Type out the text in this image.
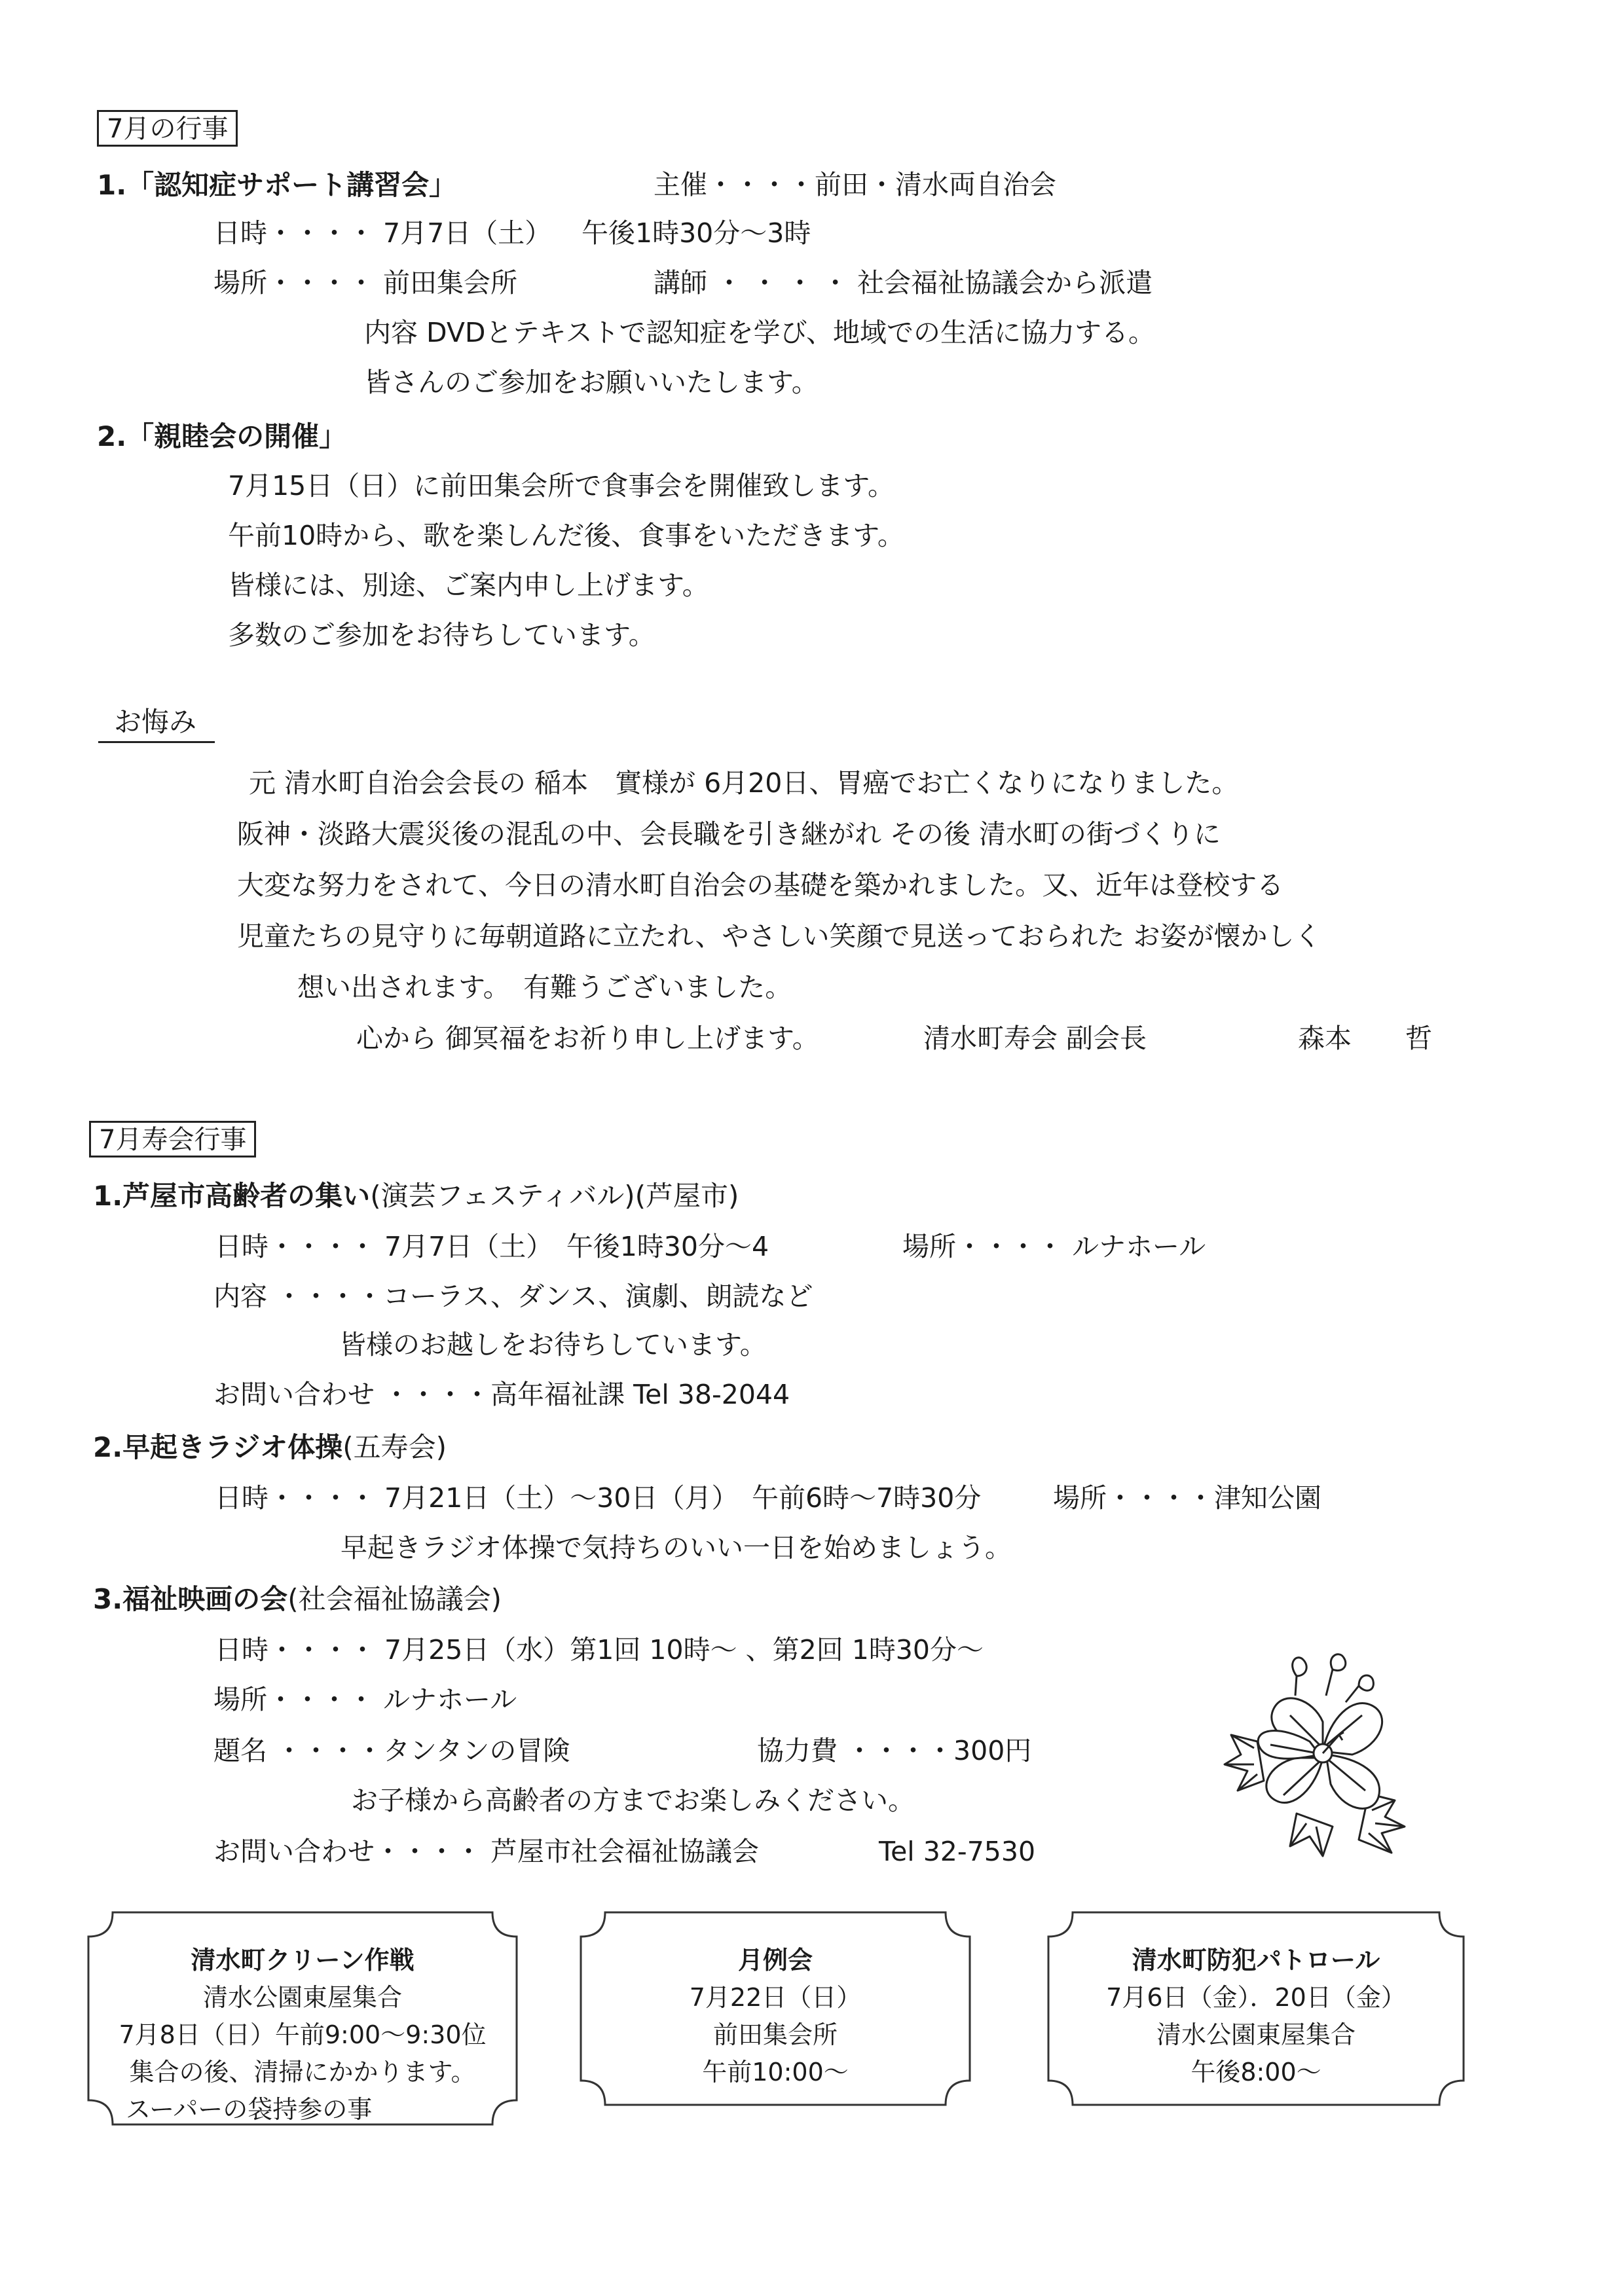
7月の行事
1.「認知症サポート講習会」	主催・・・・前田・清水両自治会
日時・・・・ 7月7日（土） 午後1時30分〜3時
場所・・・・ 前田集会所	講師 ・ ・ ・ ・ 社会福祉協議会から派遣
内容 DVDとテキストで認知症を学び、地域での生活に協力する。
皆さんのご参加をお願いいたします。
2.「親睦会の開催」
7月15日（日）に前田集会所で食事会を開催致します。
午前10時から、歌を楽しんだ後、食事をいただきます。
皆様には、別途、ご案内申し上げます。
多数のご参加をお待ちしています。
お悔み
元 清水町自治会会長の 稲本　實様が 6月20日、胃癌でお亡くなりになりました。
阪神・淡路大震災後の混乱の中、会長職を引き継がれ その後 清水町の街づくりに
大変な努力をされて、今日の清水町自治会の基礎を築かれました。又、近年は登校する
児童たちの見守りに毎朝道路に立たれ、やさしい笑顔で見送っておられた お姿が懐かしく
想い出されます。　有難うございました。
心から 御冥福をお祈り申し上げます。	清水町寿会 副会長	森本　　哲
7月寿会行事
1.芦屋市高齢者の集い(演芸フェスティバル)(芦屋市)
日時・・・・ 7月7日（土）　午後1時30分〜4	場所・・・・ ルナホール
内容 ・・・・コーラス、ダンス、演劇、朗読など
皆様のお越しをお待ちしています。
お問い合わせ ・・・・高年福祉課 Tel 38-2044
2.早起きラジオ体操(五寿会)
日時・・・・ 7月21日（土）〜30日（月）　午前6時〜7時30分	場所・・・・津知公園
早起きラジオ体操で気持ちのいい一日を始めましょう。
3.福祉映画の会(社会福祉協議会)
日時・・・・ 7月25日（水）第1回 10時〜 、第2回 1時30分〜
場所・・・・ ルナホール
題名 ・・・・タンタンの冒険	協力費 ・・・・300円
お子様から高齢者の方までお楽しみください。
お問い合わせ・・・・ 芦屋市社会福祉協議会	Tel 32-7530
清水町クリーン作戦
清水公園東屋集合
7月8日（日）午前9:00〜9:30位
集合の後、清掃にかかります。
スーパーの袋持参の事
月例会
7月22日（日）
前田集会所
午前10:00〜
清水町防犯パトロール
7月6日（金）．20日（金）
清水公園東屋集合
午後8:00〜
